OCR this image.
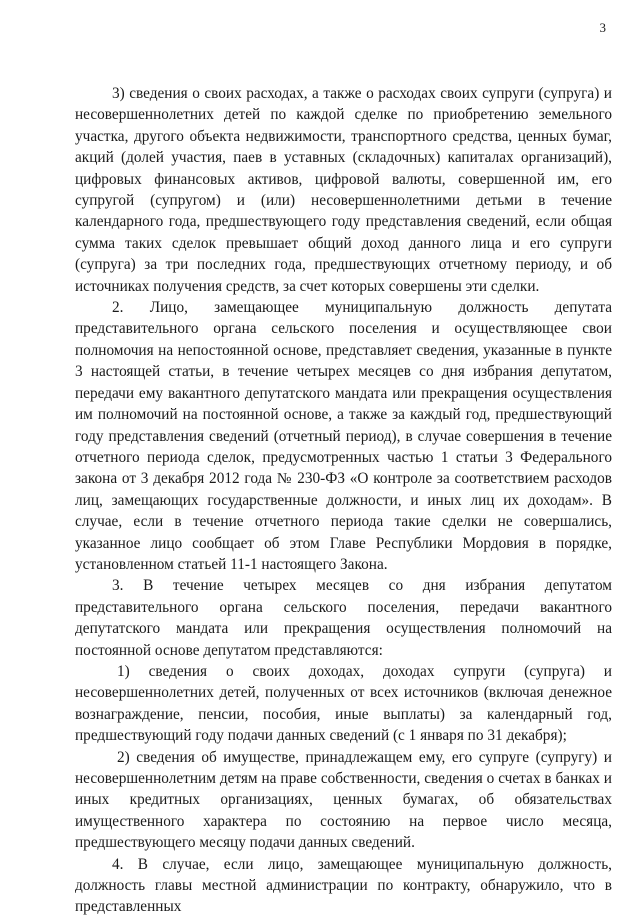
3

3) сведения о своих расходах, а также о расходах своих супруги (супруга) и несовершеннолетних детей по каждой сделке по приобретению земельного участка, другого объекта недвижимости, транспортного средства, ценных бумаг, акций (долей участия, паев в уставных (складочных) капиталах организаций), цифровых финансовых активов, цифровой валюты, совершенной им, его супругой (супругом) и (или) несовершеннолетними детьми в течение календарного года, предшествующего году представления сведений, если общая сумма таких сделок превышает общий доход данного лица и его супруги (супруга) за три последних года, предшествующих отчетному периоду, и об источниках получения средств, за счет которых совершены эти сделки.

2. Лицо, замещающее муниципальную должность депутата представительного органа сельского поселения и осуществляющее свои полномочия на непостоянной основе, представляет сведения, указанные в пункте 3 настоящей статьи, в течение четырех месяцев со дня избрания депутатом, передачи ему вакантного депутатского мандата или прекращения осуществления им полномочий на постоянной основе, а также за каждый год, предшествующий году представления сведений (отчетный период), в случае совершения в течение отчетного периода сделок, предусмотренных частью 1 статьи 3 Федерального закона от 3 декабря 2012 года № 230-ФЗ «О контроле за соответствием расходов лиц, замещающих государственные должности, и иных лиц их доходам». В случае, если в течение отчетного периода такие сделки не совершались, указанное лицо сообщает об этом Главе Республики Мордовия в порядке, установленном статьей 11-1 настоящего Закона.

3. В течение четырех месяцев со дня избрания депутатом представительного органа сельского поселения, передачи вакантного депутатского мандата или прекращения осуществления полномочий на постоянной основе депутатом представляются:

1) сведения о своих доходах, доходах супруги (супруга) и несовершеннолетних детей, полученных от всех источников (включая денежное вознаграждение, пенсии, пособия, иные выплаты) за календарный год, предшествующий году подачи данных сведений (с 1 января по 31 декабря);

2) сведения об имуществе, принадлежащем ему, его супруге (супругу) и несовершеннолетним детям на праве собственности, сведения о счетах в банках и иных кредитных организациях, ценных бумагах, об обязательствах имущественного характера по состоянию на первое число месяца, предшествующего месяцу подачи данных сведений.

4. В случае, если лицо, замещающее муниципальную должность, должность главы местной администрации по контракту, обнаружило, что в представленных
